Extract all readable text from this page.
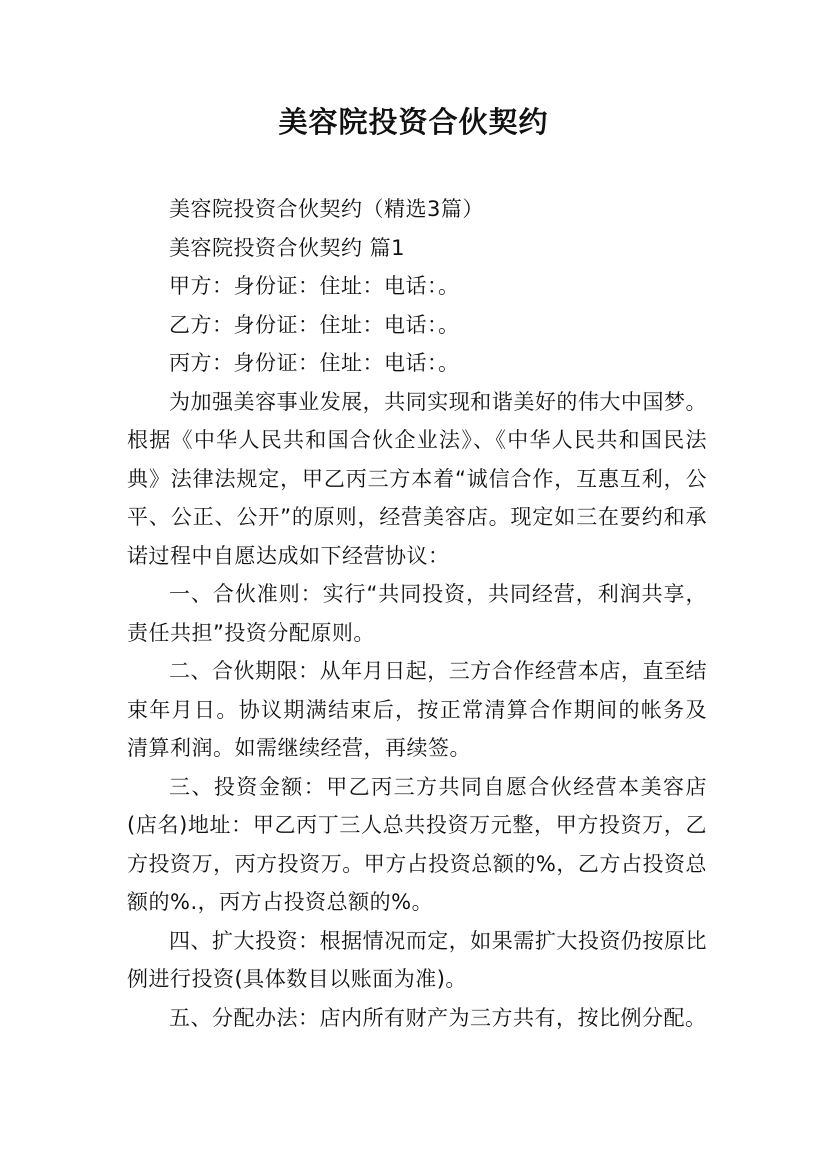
美容院投资合伙契约

美容院投资合伙契约（精选3篇）

美容院投资合伙契约 篇1

甲方：身份证：住址：电话：。

乙方：身份证：住址：电话：。

丙方：身份证：住址：电话：。

为加强美容事业发展，共同实现和谐美好的伟大中国梦。根据《中华人民共和国合伙企业法》、《中华人民共和国民法典》法律法规定，甲乙丙三方本着“诚信合作，互惠互利，公平、公正、公开”的原则，经营美容店。现定如三在要约和承诺过程中自愿达成如下经营协议：

一、合伙准则：实行“共同投资，共同经营，利润共享，责任共担”投资分配原则。

二、合伙期限：从年月日起，三方合作经营本店，直至结束年月日。协议期满结束后，按正常清算合作期间的帐务及清算利润。如需继续经营，再续签。

三、投资金额：甲乙丙三方共同自愿合伙经营本美容店(店名)地址：甲乙丙丁三人总共投资万元整，甲方投资万，乙方投资万，丙方投资万。甲方占投资总额的%，乙方占投资总额的%.，丙方占投资总额的%。

四、扩大投资：根据情况而定，如果需扩大投资仍按原比例进行投资(具体数目以账面为准)。

五、分配办法：店内所有财产为三方共有，按比例分配。
